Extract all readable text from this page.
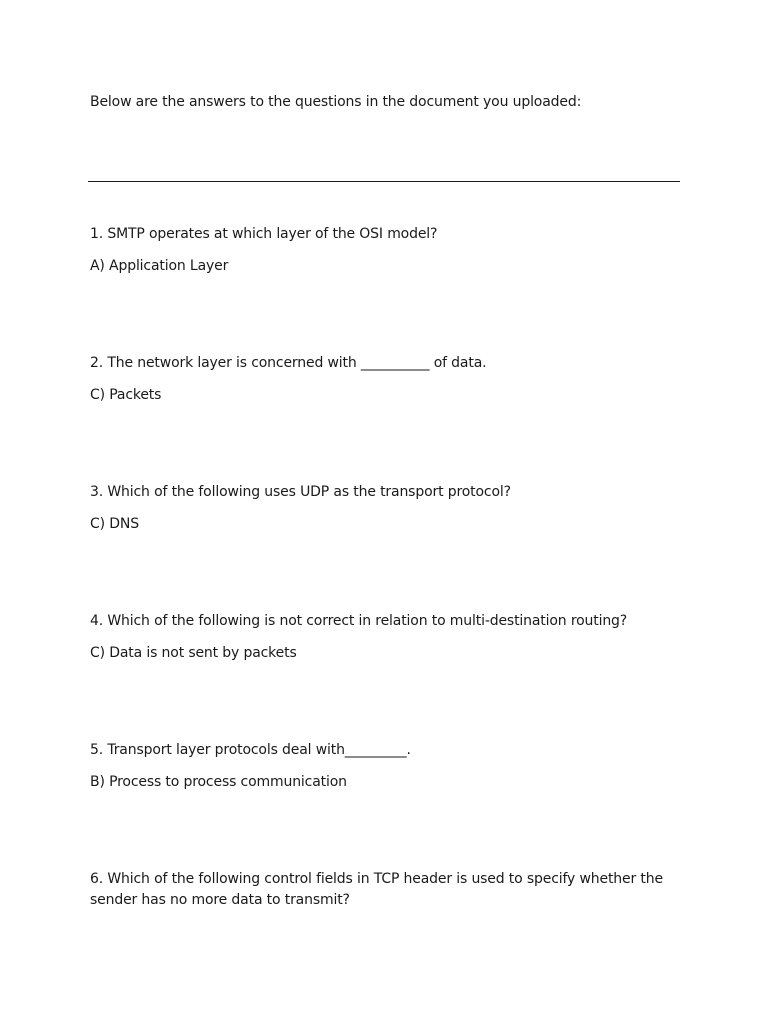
Below are the answers to the questions in the document you uploaded:
1. SMTP operates at which layer of the OSI model?
A) Application Layer
2. The network layer is concerned with __________ of data.
C) Packets
3. Which of the following uses UDP as the transport protocol?
C) DNS
4. Which of the following is not correct in relation to multi-destination routing?
C) Data is not sent by packets
5. Transport layer protocols deal with_________.
B) Process to process communication
6. Which of the following control fields in TCP header is used to specify whether the sender has no more data to transmit?
